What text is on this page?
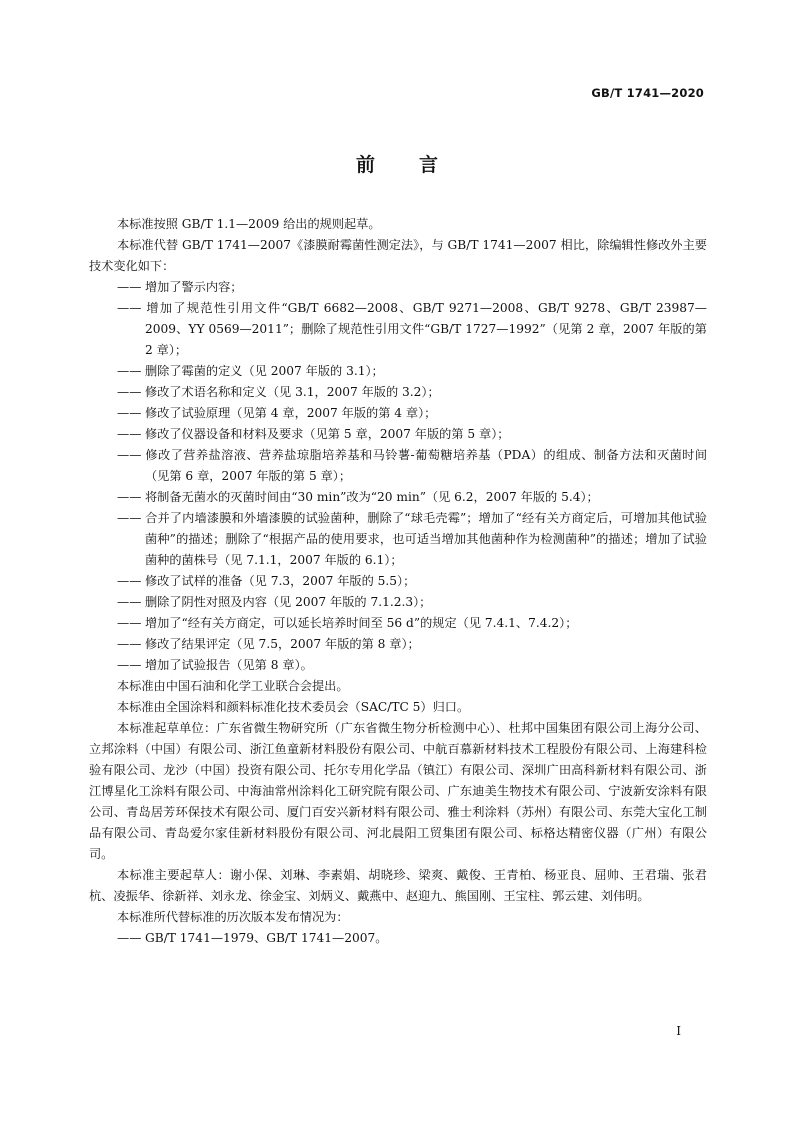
GB/T 1741—2020
前言

本标准按照 GB/T 1.1—2009 给出的规则起草。

本标准代替 GB/T 1741—2007《漆膜耐霉菌性测定法》，与 GB/T 1741—2007 相比，除编辑性修改外主要技术变化如下：

—— 增加了警示内容；
—— 增加了规范性引用文件“GB/T 6682—2008、GB/T 9271—2008、GB/T 9278、GB/T 23987—2009、YY 0569—2011”；删除了规范性引用文件“GB/T 1727—1992”（见第 2 章，2007 年版的第 2 章）；
—— 删除了霉菌的定义（见 2007 年版的 3.1）；
—— 修改了术语名称和定义（见 3.1，2007 年版的 3.2）；
—— 修改了试验原理（见第 4 章，2007 年版的第 4 章）；
—— 修改了仪器设备和材料及要求（见第 5 章，2007 年版的第 5 章）；
—— 修改了营养盐溶液、营养盐琼脂培养基和马铃薯-葡萄糖培养基（PDA）的组成、制备方法和灭菌时间（见第 6 章，2007 年版的第 5 章）；
—— 将制备无菌水的灭菌时间由“30 min”改为“20 min”（见 6.2，2007 年版的 5.4）；
—— 合并了内墙漆膜和外墙漆膜的试验菌种，删除了“球毛壳霉”；增加了“经有关方商定后，可增加其他试验菌种”的描述；删除了“根据产品的使用要求，也可适当增加其他菌种作为检测菌种”的描述；增加了试验菌种的菌株号（见 7.1.1，2007 年版的 6.1）；
—— 修改了试样的准备（见 7.3，2007 年版的 5.5）；
—— 删除了阴性对照及内容（见 2007 年版的 7.1.2.3）；
—— 增加了“经有关方商定，可以延长培养时间至 56 d”的规定（见 7.4.1、7.4.2）；
—— 修改了结果评定（见 7.5，2007 年版的第 8 章）；
—— 增加了试验报告（见第 8 章）。

本标准由中国石油和化学工业联合会提出。

本标准由全国涂料和颜料标准化技术委员会（SAC/TC 5）归口。

本标准起草单位：广东省微生物研究所（广东省微生物分析检测中心）、杜邦中国集团有限公司上海分公司、立邦涂料（中国）有限公司、浙江鱼童新材料股份有限公司、中航百慕新材料技术工程股份有限公司、上海建科检验有限公司、龙沙（中国）投资有限公司、托尔专用化学品（镇江）有限公司、深圳广田高科新材料有限公司、浙江博星化工涂料有限公司、中海油常州涂料化工研究院有限公司、广东迪美生物技术有限公司、宁波新安涂料有限公司、青岛居芳环保技术有限公司、厦门百安兴新材料有限公司、雅士利涂料（苏州）有限公司、东莞大宝化工制品有限公司、青岛爱尔家佳新材料股份有限公司、河北晨阳工贸集团有限公司、标格达精密仪器（广州）有限公司。

本标准主要起草人：谢小保、刘琳、李素娟、胡晓珍、梁爽、戴俊、王青柏、杨亚良、屈帅、王君瑞、张君杭、凌振华、徐新祥、刘永龙、徐金宝、刘炳义、戴燕中、赵迎九、熊国刚、王宝柱、郭云建、刘伟明。

本标准所代替标准的历次版本发布情况为：

—— GB/T 1741—1979、GB/T 1741—2007。
I
